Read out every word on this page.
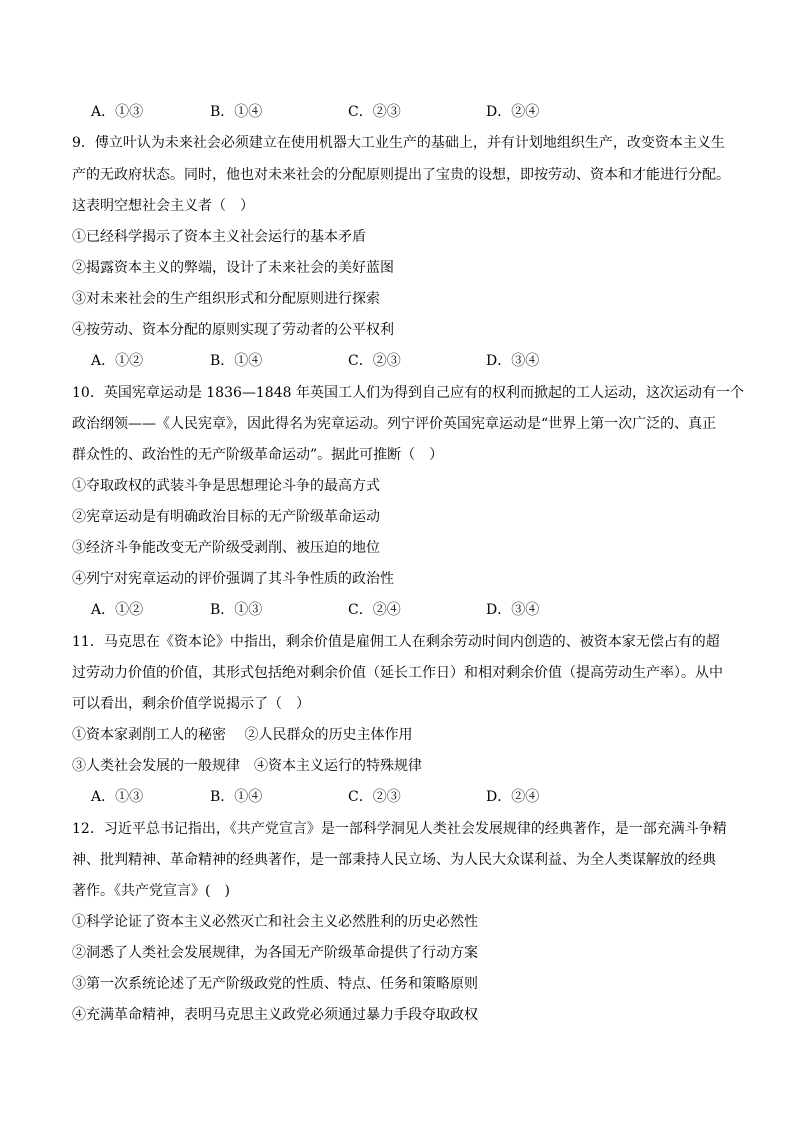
A．①③	B．①④	C．②③	D．②④
9．傅立叶认为未来社会必须建立在使用机器大工业生产的基础上，并有计划地组织生产，改变资本主义生
产的无政府状态。同时，他也对未来社会的分配原则提出了宝贵的设想，即按劳动、资本和才能进行分配。
这表明空想社会主义者（　）
①已经科学揭示了资本主义社会运行的基本矛盾
②揭露资本主义的弊端，设计了未来社会的美好蓝图
③对未来社会的生产组织形式和分配原则进行探索
④按劳动、资本分配的原则实现了劳动者的公平权利
A．①②	B．①④	C．②③	D．③④
10．英国宪章运动是 1836—1848 年英国工人们为得到自己应有的权利而掀起的工人运动，这次运动有一个
政治纲领——《人民宪章》，因此得名为宪章运动。列宁评价英国宪章运动是“世界上第一次广泛的、真正
群众性的、政治性的无产阶级革命运动”。据此可推断（　）
①夺取政权的武装斗争是思想理论斗争的最高方式
②宪章运动是有明确政治目标的无产阶级革命运动
③经济斗争能改变无产阶级受剥削、被压迫的地位
④列宁对宪章运动的评价强调了其斗争性质的政治性
A．①②	B．①③	C．②④	D．③④
11．马克思在《资本论》中指出，剩余价值是雇佣工人在剩余劳动时间内创造的、被资本家无偿占有的超
过劳动力价值的价值，其形式包括绝对剩余价值（延长工作日）和相对剩余价值（提高劳动生产率）。从中
可以看出，剩余价值学说揭示了（　）
①资本家剥削工人的秘密　 ②人民群众的历史主体作用
③人类社会发展的一般规律　④资本主义运行的特殊规律
A．①③	B．①④	C．②③	D．②④
12．习近平总书记指出，《共产党宣言》是一部科学洞见人类社会发展规律的经典著作，是一部充满斗争精
神、批判精神、革命精神的经典著作，是一部秉持人民立场、为人民大众谋利益、为全人类谋解放的经典
著作。《共产党宣言》(　)
①科学论证了资本主义必然灭亡和社会主义必然胜利的历史必然性
②洞悉了人类社会发展规律，为各国无产阶级革命提供了行动方案
③第一次系统论述了无产阶级政党的性质、特点、任务和策略原则
④充满革命精神，表明马克思主义政党必须通过暴力手段夺取政权
